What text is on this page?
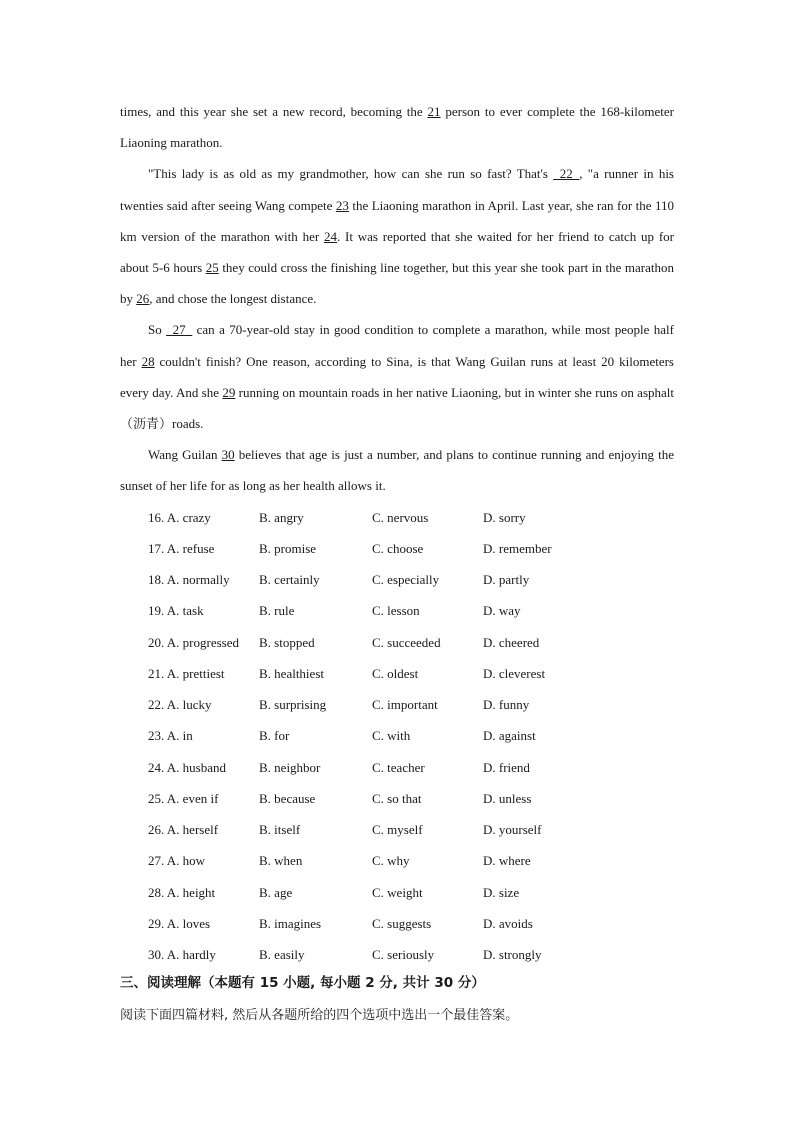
times, and this year she set a new record, becoming the 21 person to ever complete the 168-kilometer Liaoning marathon.

"This lady is as old as my grandmother, how can she run so fast? That's _22_, "a runner in his twenties said after seeing Wang compete 23 the Liaoning marathon in April. Last year, she ran for the 110 km version of the marathon with her 24. It was reported that she waited for her friend to catch up for about 5-6 hours 25 they could cross the finishing line together, but this year she took part in the marathon by 26, and chose the longest distance.

So _27_ can a 70-year-old stay in good condition to complete a marathon, while most people half her 28 couldn't finish? One reason, according to Sina, is that Wang Guilan runs at least 20 kilometers every day. And she 29 running on mountain roads in her native Liaoning, but in winter she runs on asphalt（沥青）roads.

Wang Guilan 30 believes that age is just a number, and plans to continue running and enjoying the sunset of her life for as long as her health allows it.

16. A. crazy	B. angry	C. nervous	D. sorry
17. A. refuse	B. promise	C. choose	D. remember
18. A. normally	B. certainly	C. especially	D. partly
19. A. task	B. rule	C. lesson	D. way
20. A. progressed	B. stopped	C. succeeded	D. cheered
21. A. prettiest	B. healthiest	C. oldest	D. cleverest
22. A. lucky	B. surprising	C. important	D. funny
23. A. in	B. for	C. with	D. against
24. A. husband	B. neighbor	C. teacher	D. friend
25. A. even if	B. because	C. so that	D. unless
26. A. herself	B. itself	C. myself	D. yourself
27. A. how	B. when	C. why	D. where
28. A. height	B. age	C. weight	D. size
29. A. loves	B. imagines	C. suggests	D. avoids
30. A. hardly	B. easily	C. seriously	D. strongly
三、阅读理解（本题有 15 小题, 每小题 2 分, 共计 30 分）
阅读下面四篇材料, 然后从各题所给的四个选项中选出一个最佳答案。
